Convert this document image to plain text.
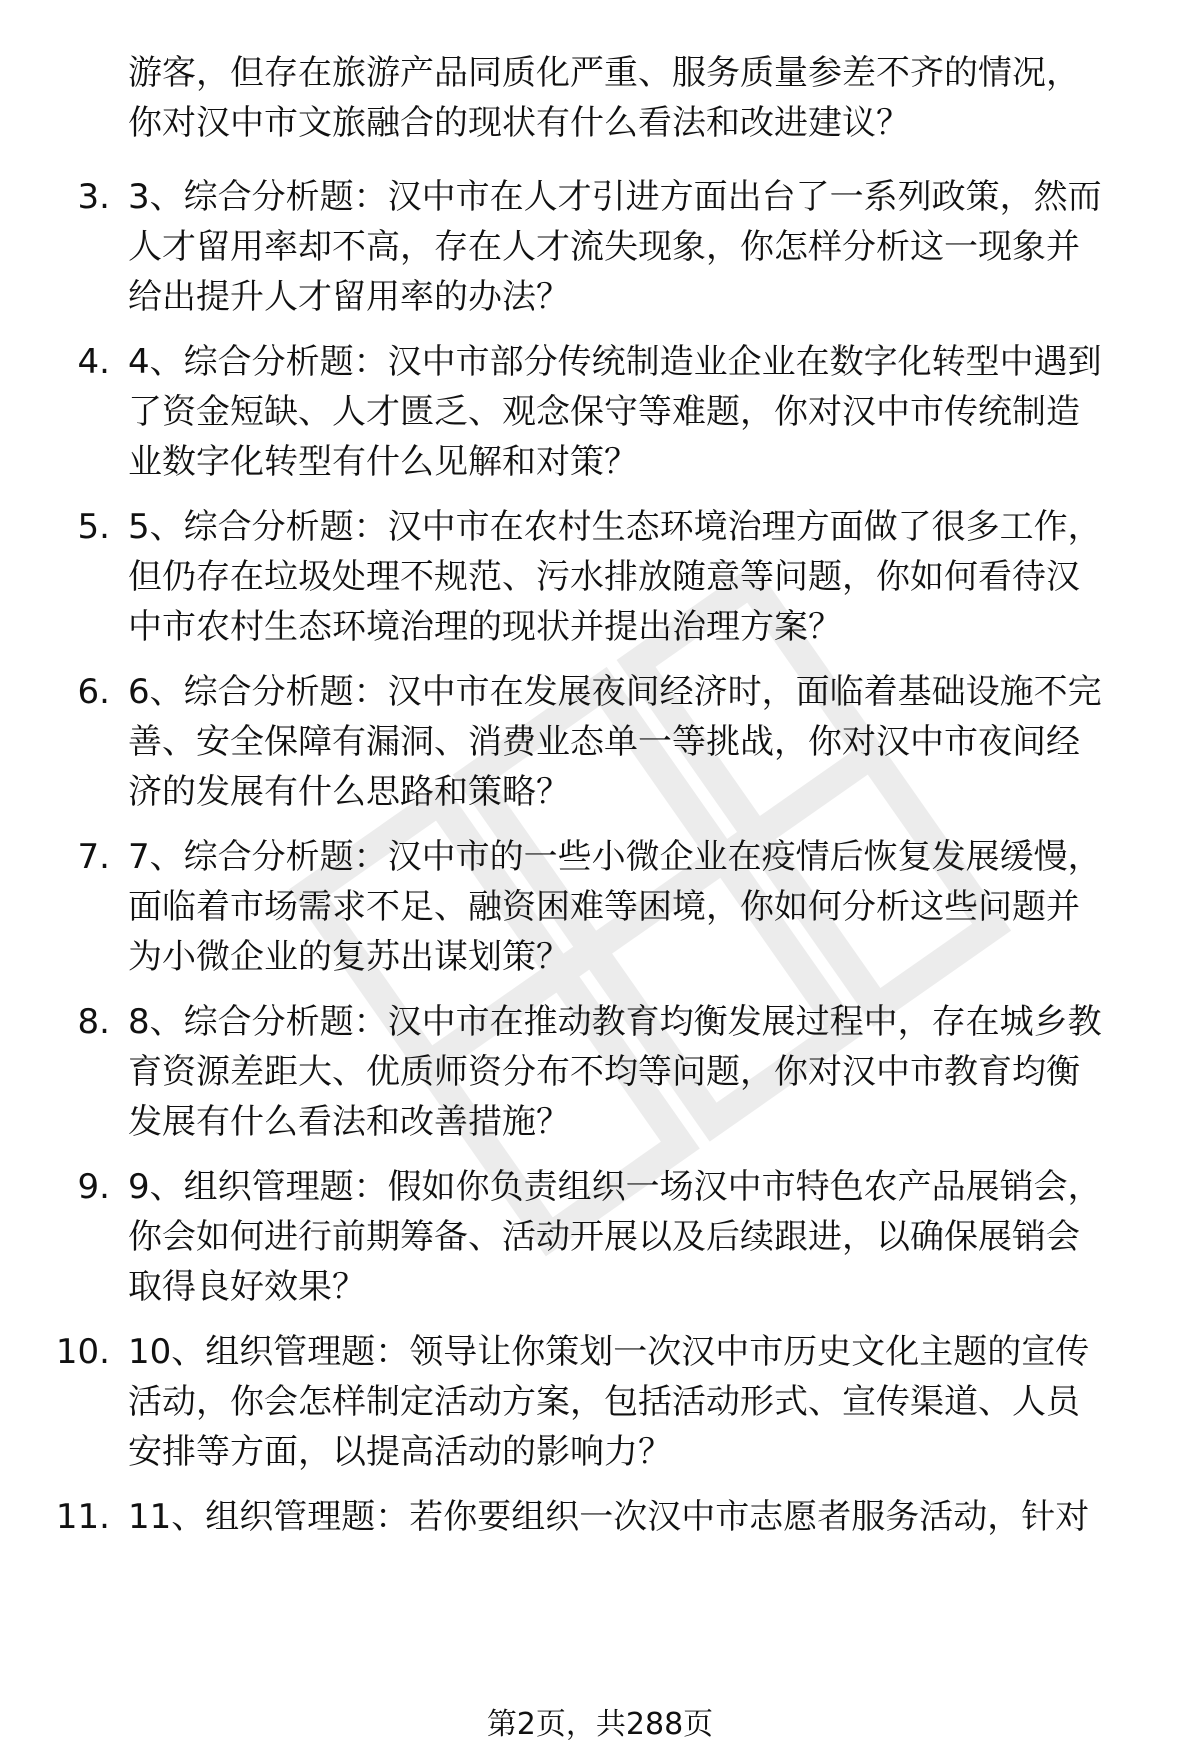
游客，但存在旅游产品同质化严重、服务质量参差不齐的情况，
你对汉中市文旅融合的现状有什么看法和改进建议？
3. 3、综合分析题：汉中市在人才引进方面出台了一系列政策，然而
人才留用率却不高，存在人才流失现象，你怎样分析这一现象并
给出提升人才留用率的办法？
4. 4、综合分析题：汉中市部分传统制造业企业在数字化转型中遇到
了资金短缺、人才匮乏、观念保守等难题，你对汉中市传统制造
业数字化转型有什么见解和对策？
5. 5、综合分析题：汉中市在农村生态环境治理方面做了很多工作，
但仍存在垃圾处理不规范、污水排放随意等问题，你如何看待汉
中市农村生态环境治理的现状并提出治理方案？
6. 6、综合分析题：汉中市在发展夜间经济时，面临着基础设施不完
善、安全保障有漏洞、消费业态单一等挑战，你对汉中市夜间经
济的发展有什么思路和策略？
7. 7、综合分析题：汉中市的一些小微企业在疫情后恢复发展缓慢，
面临着市场需求不足、融资困难等困境，你如何分析这些问题并
为小微企业的复苏出谋划策？
8. 8、综合分析题：汉中市在推动教育均衡发展过程中，存在城乡教
育资源差距大、优质师资分布不均等问题，你对汉中市教育均衡
发展有什么看法和改善措施？
9. 9、组织管理题：假如你负责组织一场汉中市特色农产品展销会，
你会如何进行前期筹备、活动开展以及后续跟进，以确保展销会
取得良好效果？
10. 10、组织管理题：领导让你策划一次汉中市历史文化主题的宣传
活动，你会怎样制定活动方案，包括活动形式、宣传渠道、人员
安排等方面，以提高活动的影响力？
11. 11、组织管理题：若你要组织一次汉中市志愿者服务活动，针对
第2页，共288页
